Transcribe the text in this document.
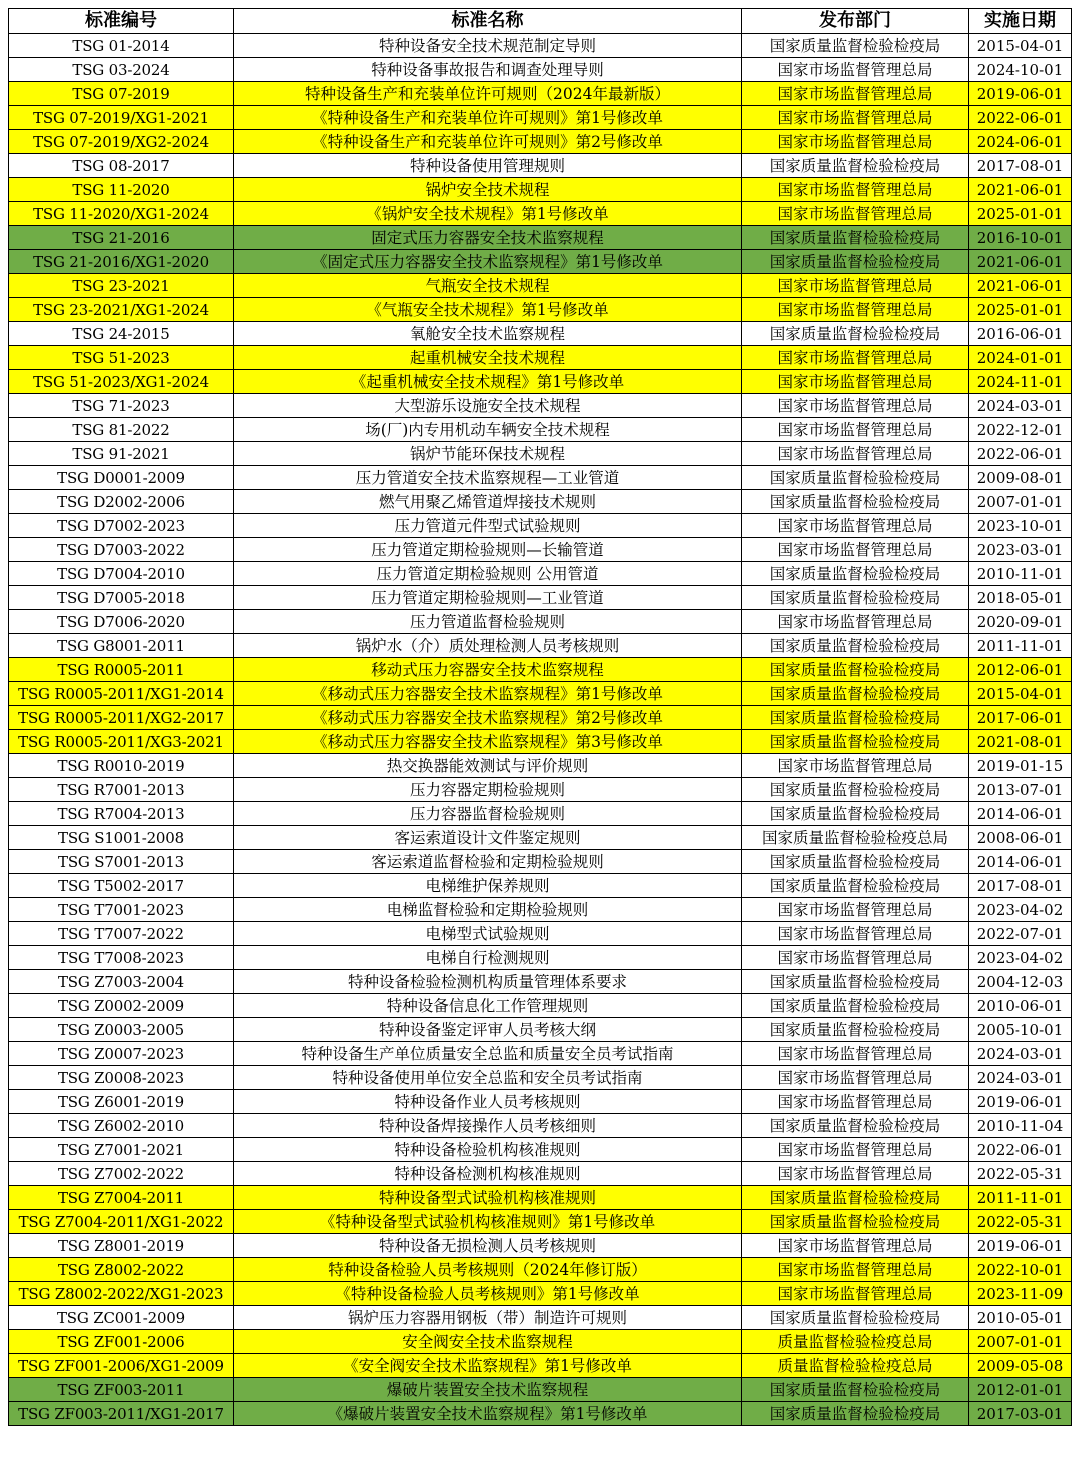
标准编号	标准名称	发布部门	实施日期
TSG 01-2014	特种设备安全技术规范制定导则	国家质量监督检验检疫局	2015-04-01
TSG 03-2024	特种设备事故报告和调查处理导则	国家市场监督管理总局	2024-10-01
TSG 07-2019	特种设备生产和充装单位许可规则（2024年最新版）	国家市场监督管理总局	2019-06-01
TSG 07-2019/XG1-2021	《特种设备生产和充装单位许可规则》第1号修改单	国家市场监督管理总局	2022-06-01
TSG 07-2019/XG2-2024	《特种设备生产和充装单位许可规则》第2号修改单	国家市场监督管理总局	2024-06-01
TSG 08-2017	特种设备使用管理规则	国家质量监督检验检疫局	2017-08-01
TSG 11-2020	锅炉安全技术规程	国家市场监督管理总局	2021-06-01
TSG 11-2020/XG1-2024	《锅炉安全技术规程》第1号修改单	国家市场监督管理总局	2025-01-01
TSG 21-2016	固定式压力容器安全技术监察规程	国家质量监督检验检疫局	2016-10-01
TSG 21-2016/XG1-2020	《固定式压力容器安全技术监察规程》第1号修改单	国家质量监督检验检疫局	2021-06-01
TSG 23-2021	气瓶安全技术规程	国家市场监督管理总局	2021-06-01
TSG 23-2021/XG1-2024	《气瓶安全技术规程》第1号修改单	国家市场监督管理总局	2025-01-01
TSG 24-2015	氧舱安全技术监察规程	国家质量监督检验检疫局	2016-06-01
TSG 51-2023	起重机械安全技术规程	国家市场监督管理总局	2024-01-01
TSG 51-2023/XG1-2024	《起重机械安全技术规程》第1号修改单	国家市场监督管理总局	2024-11-01
TSG 71-2023	大型游乐设施安全技术规程	国家市场监督管理总局	2024-03-01
TSG 81-2022	场(厂)内专用机动车辆安全技术规程	国家市场监督管理总局	2022-12-01
TSG 91-2021	锅炉节能环保技术规程	国家市场监督管理总局	2022-06-01
TSG D0001-2009	压力管道安全技术监察规程—工业管道	国家质量监督检验检疫局	2009-08-01
TSG D2002-2006	燃气用聚乙烯管道焊接技术规则	国家质量监督检验检疫局	2007-01-01
TSG D7002-2023	压力管道元件型式试验规则	国家市场监督管理总局	2023-10-01
TSG D7003-2022	压力管道定期检验规则—长输管道	国家市场监督管理总局	2023-03-01
TSG D7004-2010	压力管道定期检验规则 公用管道	国家质量监督检验检疫局	2010-11-01
TSG D7005-2018	压力管道定期检验规则—工业管道	国家质量监督检验检疫局	2018-05-01
TSG D7006-2020	压力管道监督检验规则	国家市场监督管理总局	2020-09-01
TSG G8001-2011	锅炉水（介）质处理检测人员考核规则	国家质量监督检验检疫局	2011-11-01
TSG R0005-2011	移动式压力容器安全技术监察规程	国家质量监督检验检疫局	2012-06-01
TSG R0005-2011/XG1-2014	《移动式压力容器安全技术监察规程》第1号修改单	国家质量监督检验检疫局	2015-04-01
TSG R0005-2011/XG2-2017	《移动式压力容器安全技术监察规程》第2号修改单	国家质量监督检验检疫局	2017-06-01
TSG R0005-2011/XG3-2021	《移动式压力容器安全技术监察规程》第3号修改单	国家质量监督检验检疫局	2021-08-01
TSG R0010-2019	热交换器能效测试与评价规则	国家市场监督管理总局	2019-01-15
TSG R7001-2013	压力容器定期检验规则	国家质量监督检验检疫局	2013-07-01
TSG R7004-2013	压力容器监督检验规则	国家质量监督检验检疫局	2014-06-01
TSG S1001-2008	客运索道设计文件鉴定规则	国家质量监督检验检疫总局	2008-06-01
TSG S7001-2013	客运索道监督检验和定期检验规则	国家质量监督检验检疫局	2014-06-01
TSG T5002-2017	电梯维护保养规则	国家质量监督检验检疫局	2017-08-01
TSG T7001-2023	电梯监督检验和定期检验规则	国家市场监督管理总局	2023-04-02
TSG T7007-2022	电梯型式试验规则	国家市场监督管理总局	2022-07-01
TSG T7008-2023	电梯自行检测规则	国家市场监督管理总局	2023-04-02
TSG Z7003-2004	特种设备检验检测机构质量管理体系要求	国家质量监督检验检疫局	2004-12-03
TSG Z0002-2009	特种设备信息化工作管理规则	国家质量监督检验检疫局	2010-06-01
TSG Z0003-2005	特种设备鉴定评审人员考核大纲	国家质量监督检验检疫局	2005-10-01
TSG Z0007-2023	特种设备生产单位质量安全总监和质量安全员考试指南	国家市场监督管理总局	2024-03-01
TSG Z0008-2023	特种设备使用单位安全总监和安全员考试指南	国家市场监督管理总局	2024-03-01
TSG Z6001-2019	特种设备作业人员考核规则	国家市场监督管理总局	2019-06-01
TSG Z6002-2010	特种设备焊接操作人员考核细则	国家质量监督检验检疫局	2010-11-04
TSG Z7001-2021	特种设备检验机构核准规则	国家市场监督管理总局	2022-06-01
TSG Z7002-2022	特种设备检测机构核准规则	国家市场监督管理总局	2022-05-31
TSG Z7004-2011	特种设备型式试验机构核准规则	国家质量监督检验检疫局	2011-11-01
TSG Z7004-2011/XG1-2022	《特种设备型式试验机构核准规则》第1号修改单	国家质量监督检验检疫局	2022-05-31
TSG Z8001-2019	特种设备无损检测人员考核规则	国家市场监督管理总局	2019-06-01
TSG Z8002-2022	特种设备检验人员考核规则（2024年修订版）	国家市场监督管理总局	2022-10-01
TSG Z8002-2022/XG1-2023	《特种设备检验人员考核规则》第1号修改单	国家市场监督管理总局	2023-11-09
TSG ZC001-2009	锅炉压力容器用钢板（带）制造许可规则	国家质量监督检验检疫局	2010-05-01
TSG ZF001-2006	安全阀安全技术监察规程	质量监督检验检疫总局	2007-01-01
TSG ZF001-2006/XG1-2009	《安全阀安全技术监察规程》第1号修改单	质量监督检验检疫总局	2009-05-08
TSG ZF003-2011	爆破片装置安全技术监察规程	国家质量监督检验检疫局	2012-01-01
TSG ZF003-2011/XG1-2017	《爆破片装置安全技术监察规程》第1号修改单	国家质量监督检验检疫局	2017-03-01
